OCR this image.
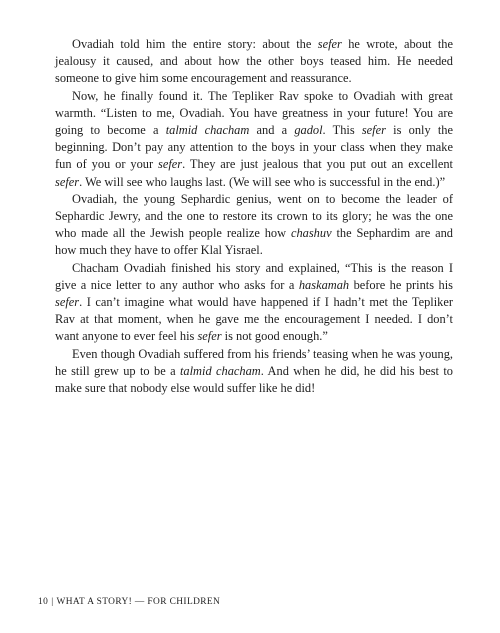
Ovadiah told him the entire story: about the sefer he wrote, about the jealousy it caused, and about how the other boys teased him. He needed someone to give him some encouragement and reassurance.

Now, he finally found it. The Tepliker Rav spoke to Ovadiah with great warmth. “Listen to me, Ovadiah. You have greatness in your future! You are going to become a talmid chacham and a gadol. This sefer is only the beginning. Don’t pay any attention to the boys in your class when they make fun of you or your sefer. They are just jealous that you put out an excellent sefer. We will see who laughs last. (We will see who is successful in the end.)”

Ovadiah, the young Sephardic genius, went on to become the leader of Sephardic Jewry, and the one to restore its crown to its glory; he was the one who made all the Jewish people realize how chashuv the Sephardim are and how much they have to offer Klal Yisrael.

Chacham Ovadiah finished his story and explained, “This is the reason I give a nice letter to any author who asks for a haskamah before he prints his sefer. I can’t imagine what would have happened if I hadn’t met the Tepliker Rav at that moment, when he gave me the encouragement I needed. I don’t want anyone to ever feel his sefer is not good enough.”

Even though Ovadiah suffered from his friends’ teasing when he was young, he still grew up to be a talmid chacham. And when he did, he did his best to make sure that nobody else would suffer like he did!

10 | WHAT A STORY! — FOR CHILDREN
